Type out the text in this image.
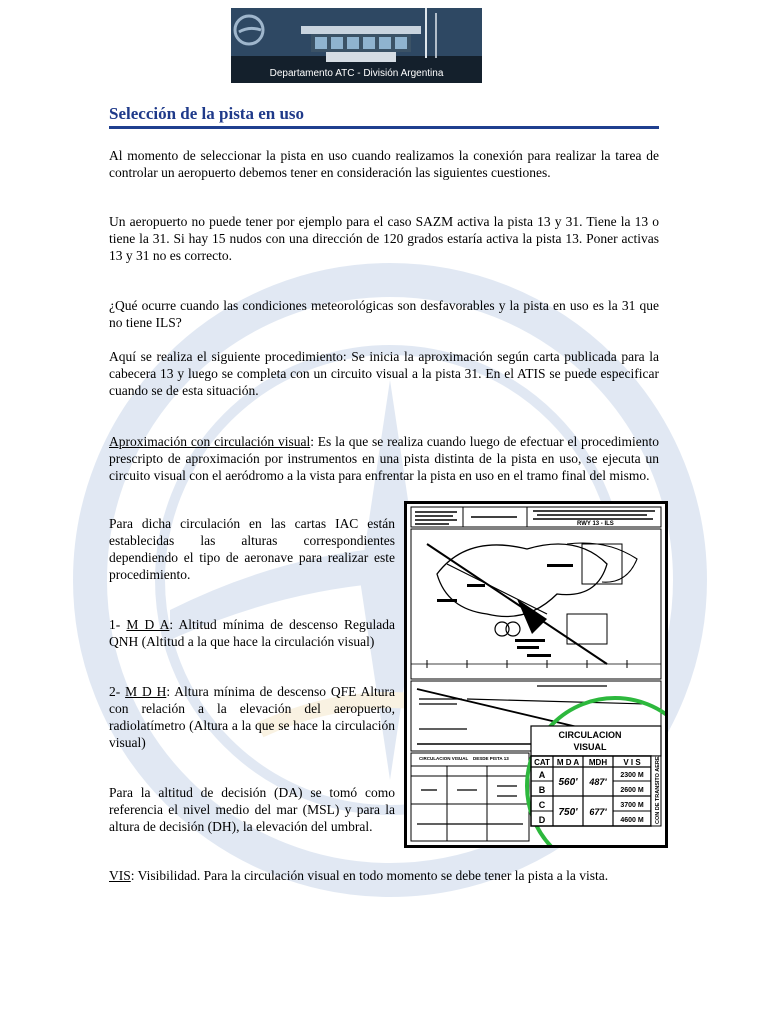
Departamento ATC - División Argentina
Selección de la pista en uso

Al momento de seleccionar la pista en uso cuando realizamos la conexión para realizar la tarea de controlar un aeropuerto debemos tener en consideración las siguientes cuestiones.

Un aeropuerto no puede tener por ejemplo para el caso SAZM activa la pista 13 y 31. Tiene la 13 o tiene la 31. Si hay 15 nudos con una dirección de 120 grados estaría activa la pista 13. Poner activas 13 y 31 no es correcto.

¿Qué ocurre cuando las condiciones meteorológicas son desfavorables y la pista en uso es la 31 que no tiene ILS?

Aquí se realiza el siguiente procedimiento: Se inicia la aproximación según carta publicada para la cabecera 13 y luego se completa con un circuito visual a la pista 31. En el ATIS se puede especificar cuando se de esta situación.

Aproximación con circulación visual: Es la que se realiza cuando luego de efectuar el procedimiento prescripto de aproximación por instrumentos en una pista distinta de la pista en uso, se ejecuta un circuito visual con el aeródromo a la vista para enfrentar la pista en uso en el tramo final del mismo.

Para dicha circulación en las cartas IAC están establecidas las alturas correspondientes dependiendo el tipo de aeronave para realizar este procedimiento.

1- M D A: Altitud mínima de descenso Regulada QNH (Altitud a la que hace la circulación visual)

2- M D H: Altura mínima de descenso QFE Altura con relación a la elevación del aeropuerto, radiolatímetro (Altura a la que se hace la circulación visual)

Para la altitud de decisión (DA) se tomó como referencia el nivel medio del mar (MSL) y para la altura de decisión (DH), la elevación del umbral.

VIS: Visibilidad. Para la circulación visual en todo momento se debe tener la pista a la vista.

RWY 13 - ILS
CIRCULACION VISUAL DESDE PISTA 13
CIRCULACION
VISUAL
CAT M D A MDH V I S
A
B
C
D
560' 487'
750' 677'
2300 M
2600 M
3700 M
4600 M CON DE TRANSITO AERE
